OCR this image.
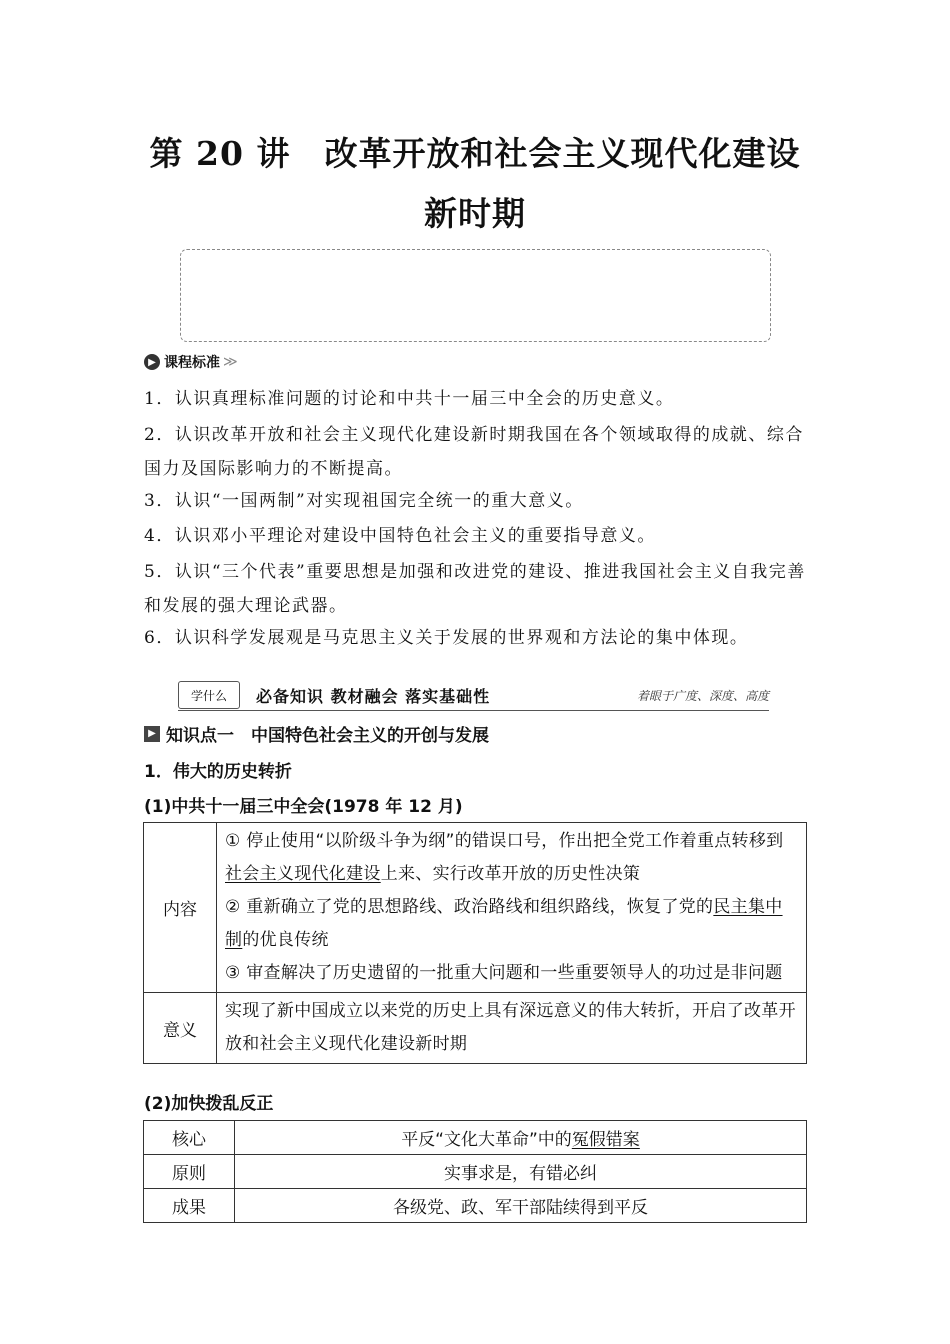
第 20 讲　改革开放和社会主义现代化建设
新时期
▶ 课程标准 ≫
1．认识真理标准问题的讨论和中共十一届三中全会的历史意义。
2．认识改革开放和社会主义现代化建设新时期我国在各个领域取得的成就、综合国力及国际影响力的不断提高。
3．认识“一国两制”对实现祖国完全统一的重大意义。
4．认识邓小平理论对建设中国特色社会主义的重要指导意义。
5．认识“三个代表”重要思想是加强和改进党的建设、推进我国社会主义自我完善和发展的强大理论武器。
6．认识科学发展观是马克思主义关于发展的世界观和方法论的集中体现。
学什么	必备知识 教材融会 落实基础性	着眼于广度、深度、高度
▶ 知识点一　中国特色社会主义的开创与发展
1．伟大的历史转折
(1)中共十一届三中全会(1978 年 12 月)
内容	① 停止使用“以阶级斗争为纲”的错误口号，作出把全党工作着重点转移到社会主义现代化建设上来、实行改革开放的历史性决策
② 重新确立了党的思想路线、政治路线和组织路线，恢复了党的民主集中制的优良传统
③ 审查解决了历史遗留的一批重大问题和一些重要领导人的功过是非问题

意义	实现了新中国成立以来党的历史上具有深远意义的伟大转折，开启了改革开放和社会主义现代化建设新时期
(2)加快拨乱反正
核心	平反“文化大革命”中的冤假错案
原则	实事求是，有错必纠
成果	各级党、政、军干部陆续得到平反
